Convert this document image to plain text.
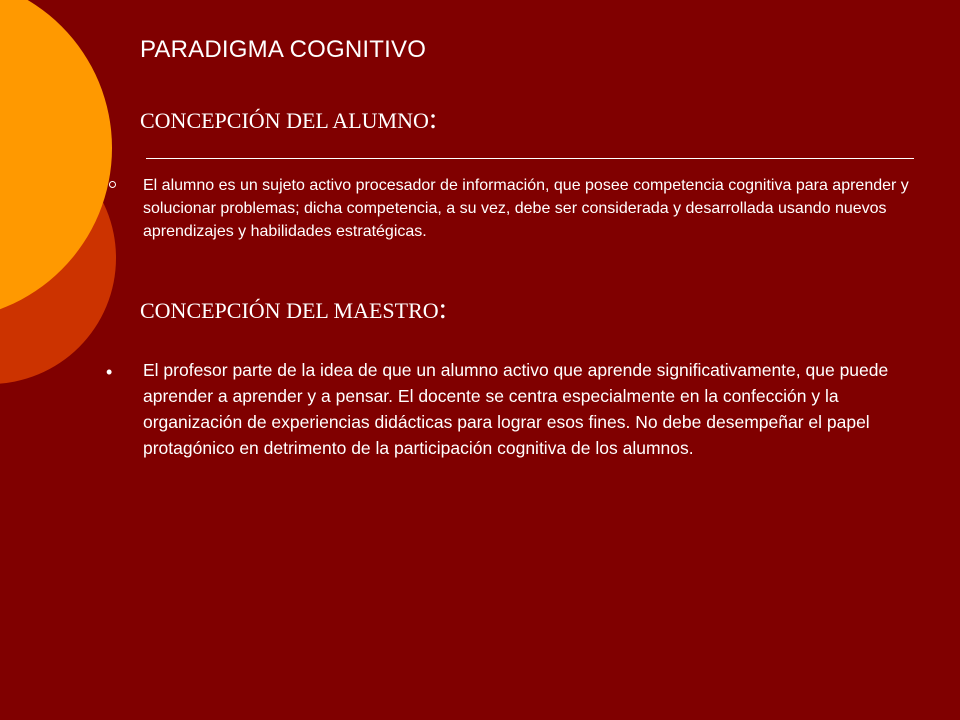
PARADIGMA COGNITIVO
CONCEPCIÓN DEL ALUMNO:
El alumno es un sujeto activo procesador de información, que posee competencia cognitiva para aprender y solucionar problemas; dicha competencia, a su vez, debe ser considerada y desarrollada usando nuevos aprendizajes y habilidades estratégicas.
CONCEPCIÓN DEL MAESTRO:
• El profesor parte de la idea de que un alumno activo que aprende significativamente, que puede aprender a aprender y a pensar. El docente se centra especialmente en la confección y la organización de experiencias didácticas para lograr esos fines. No debe desempeñar el papel protagónico en detrimento de la participación cognitiva de los alumnos.
